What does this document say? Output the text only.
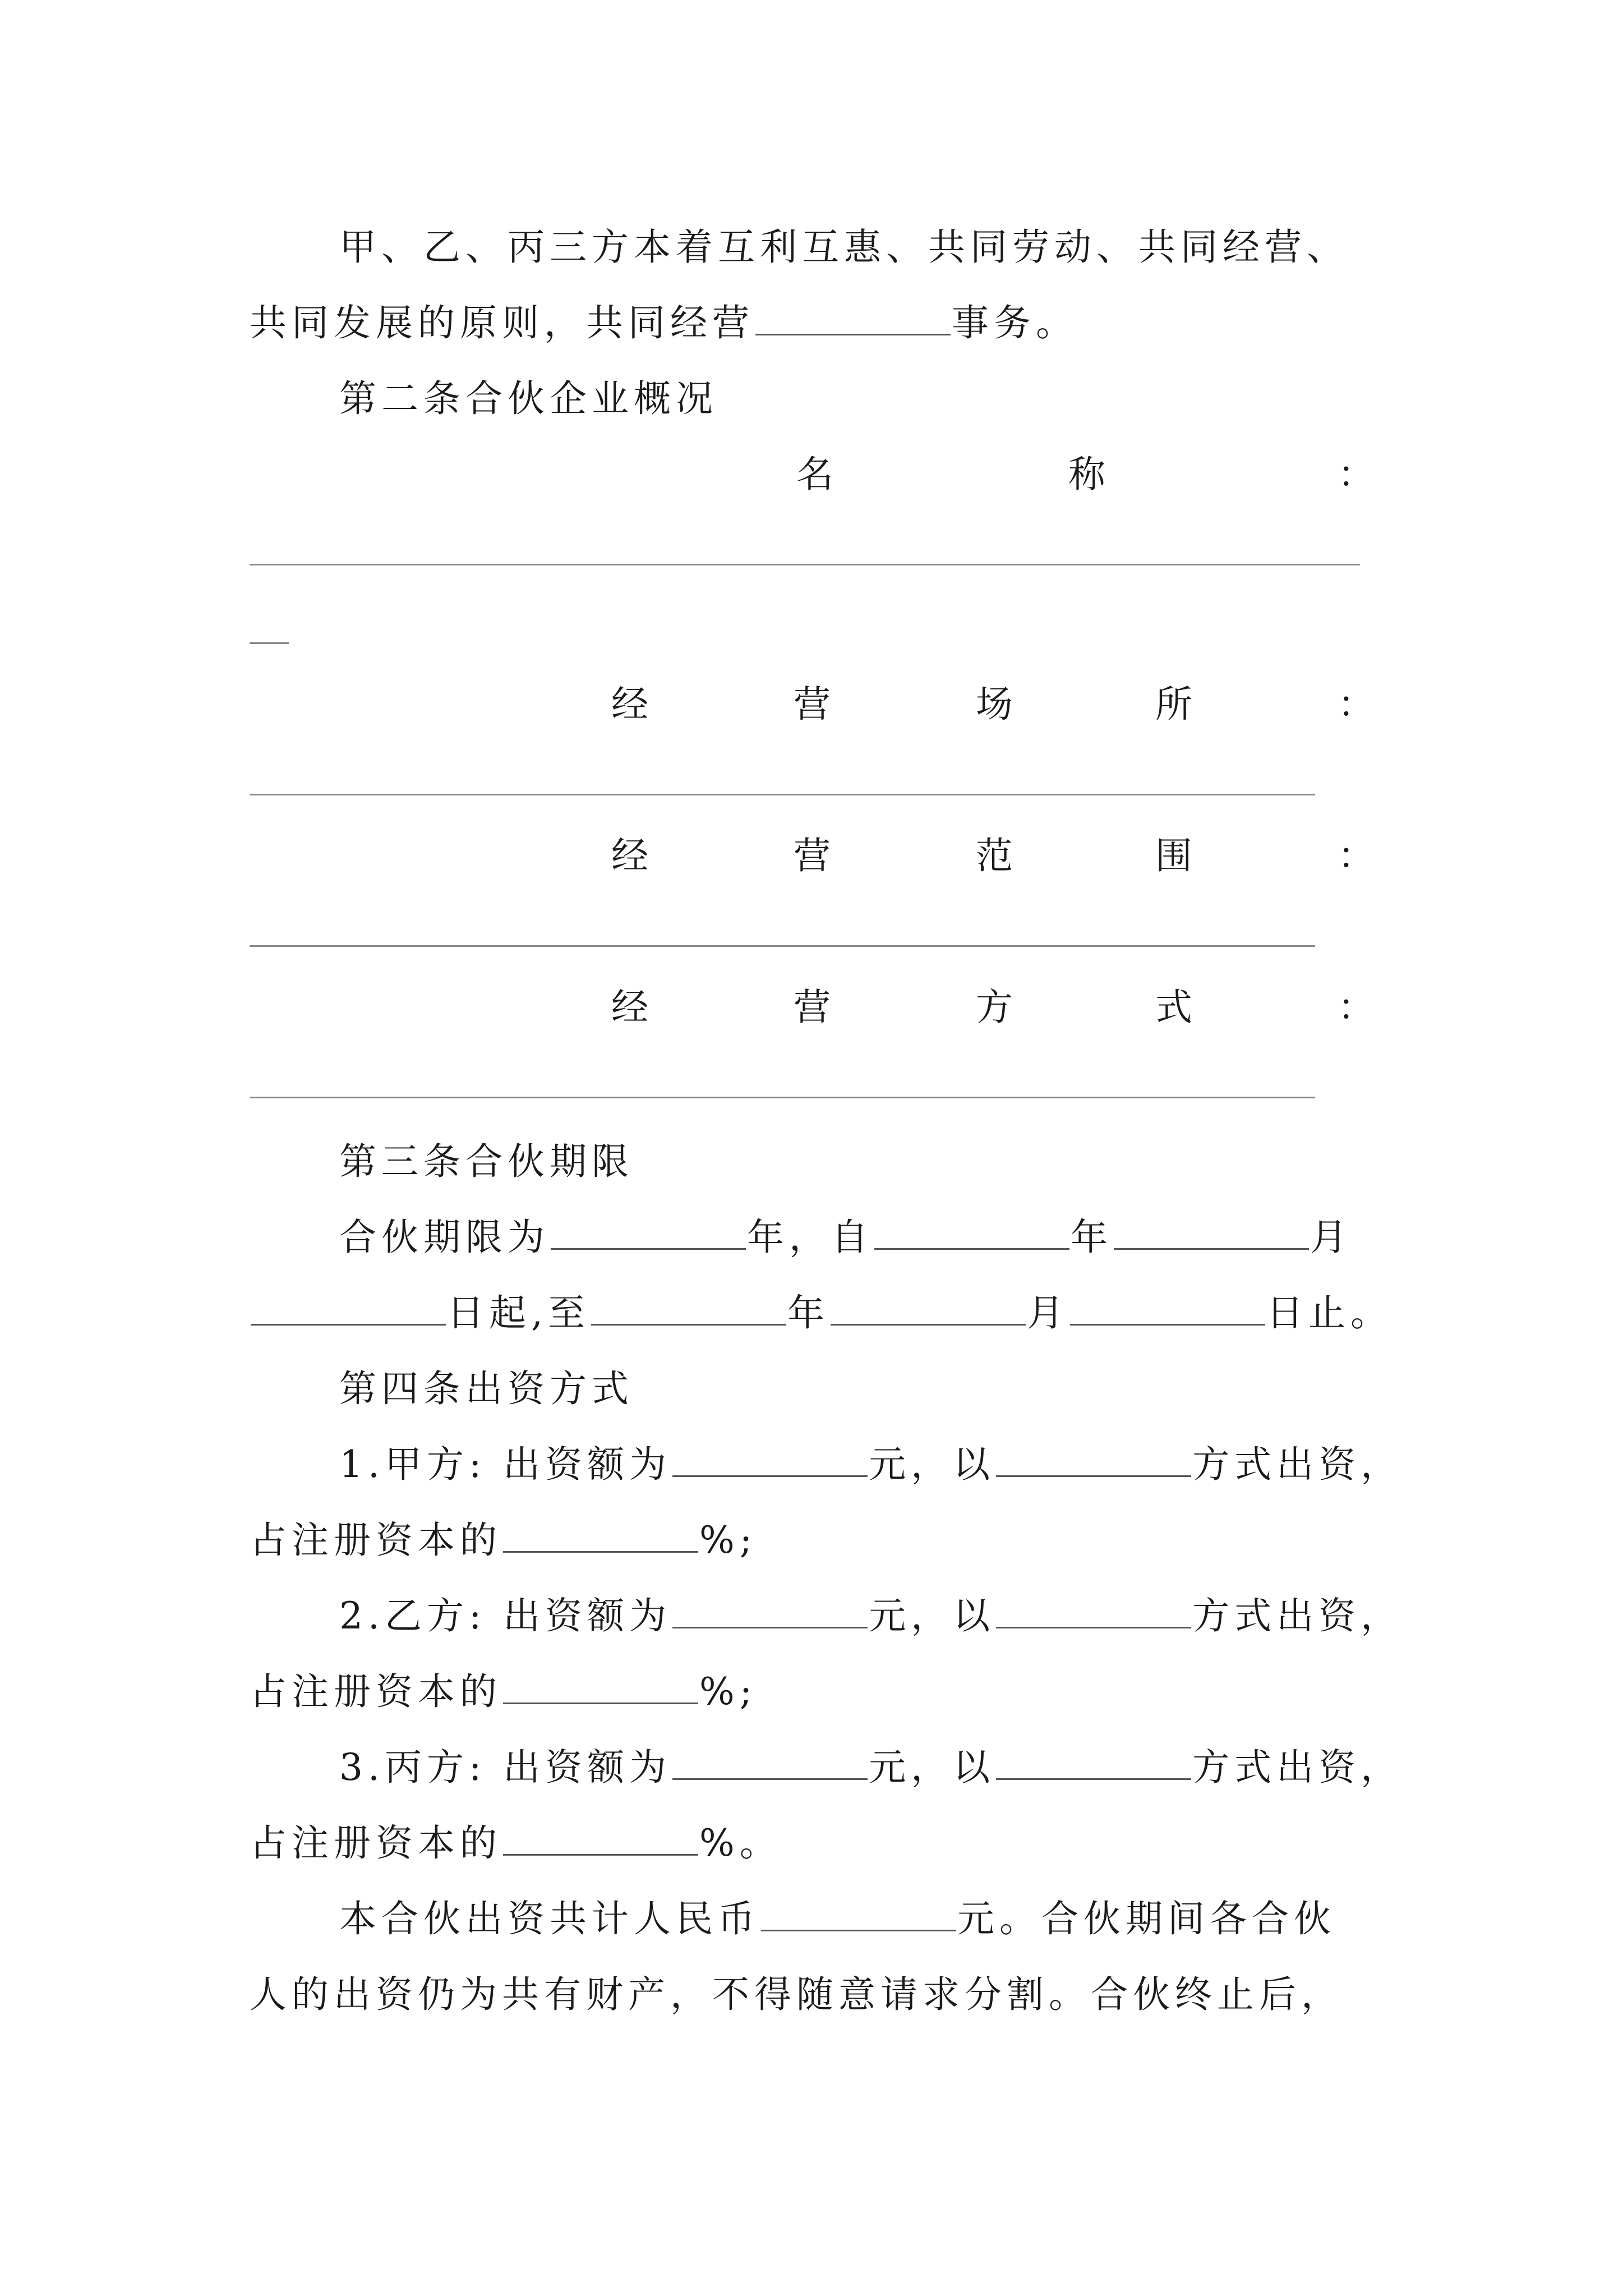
甲、乙、丙三方本着互利互惠、共同劳动、共同经营、
共同发展的原则，共同经营	事务。
第二条合伙企业概况
名	称	：
经	营	场	所	：
经	营	范	围	：
经	营	方	式	：
第三条合伙期限
合伙期限为	年，自	年	月
日起,至	年	月	日止。
第四条出资方式
1.甲方: 出资额为	元，以	方式出资，
占注册资本的	%;
2.乙方: 出资额为	元，以	方式出资，
占注册资本的	%;
3.丙方: 出资额为	元，以	方式出资，
占注册资本的	%。
本合伙出资共计人民币	元。合伙期间各合伙
人的出资仍为共有财产，不得随意请求分割。合伙终止后，
